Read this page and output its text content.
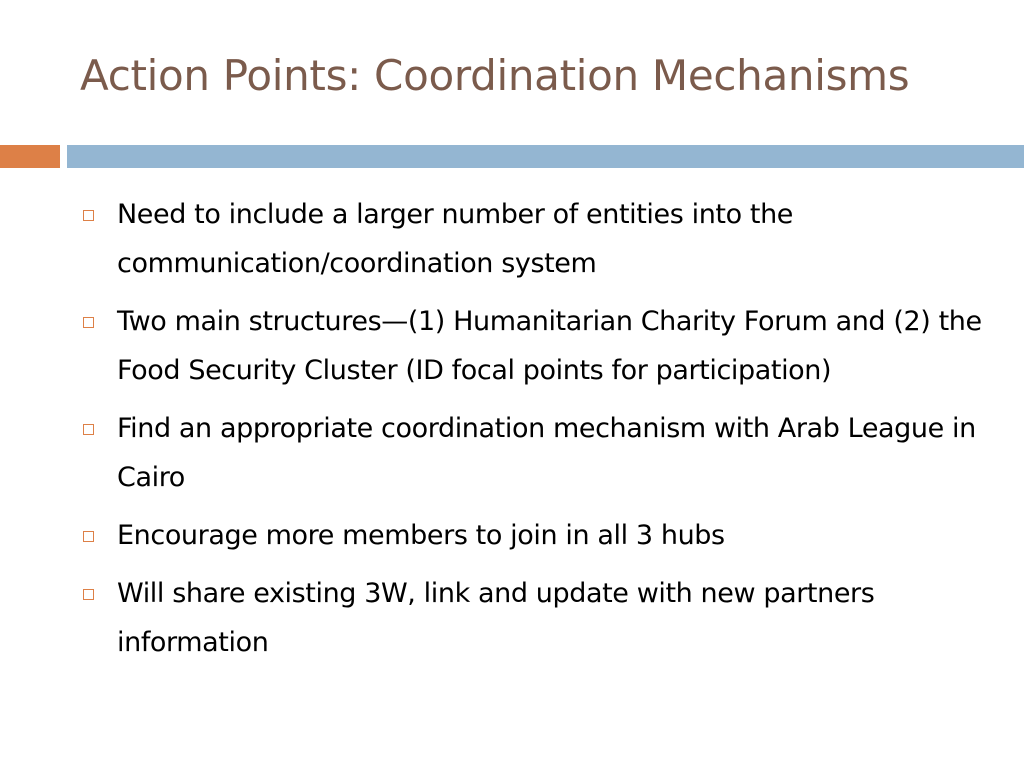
Action Points: Coordination Mechanisms
Need to include a larger number of entities into the communication/coordination system
Two main structures—(1) Humanitarian Charity Forum and (2) the Food Security Cluster (ID focal points for participation)
Find an appropriate coordination mechanism with Arab League in Cairo
Encourage more members to join in all 3 hubs
Will share existing 3W, link and update with new partners information
